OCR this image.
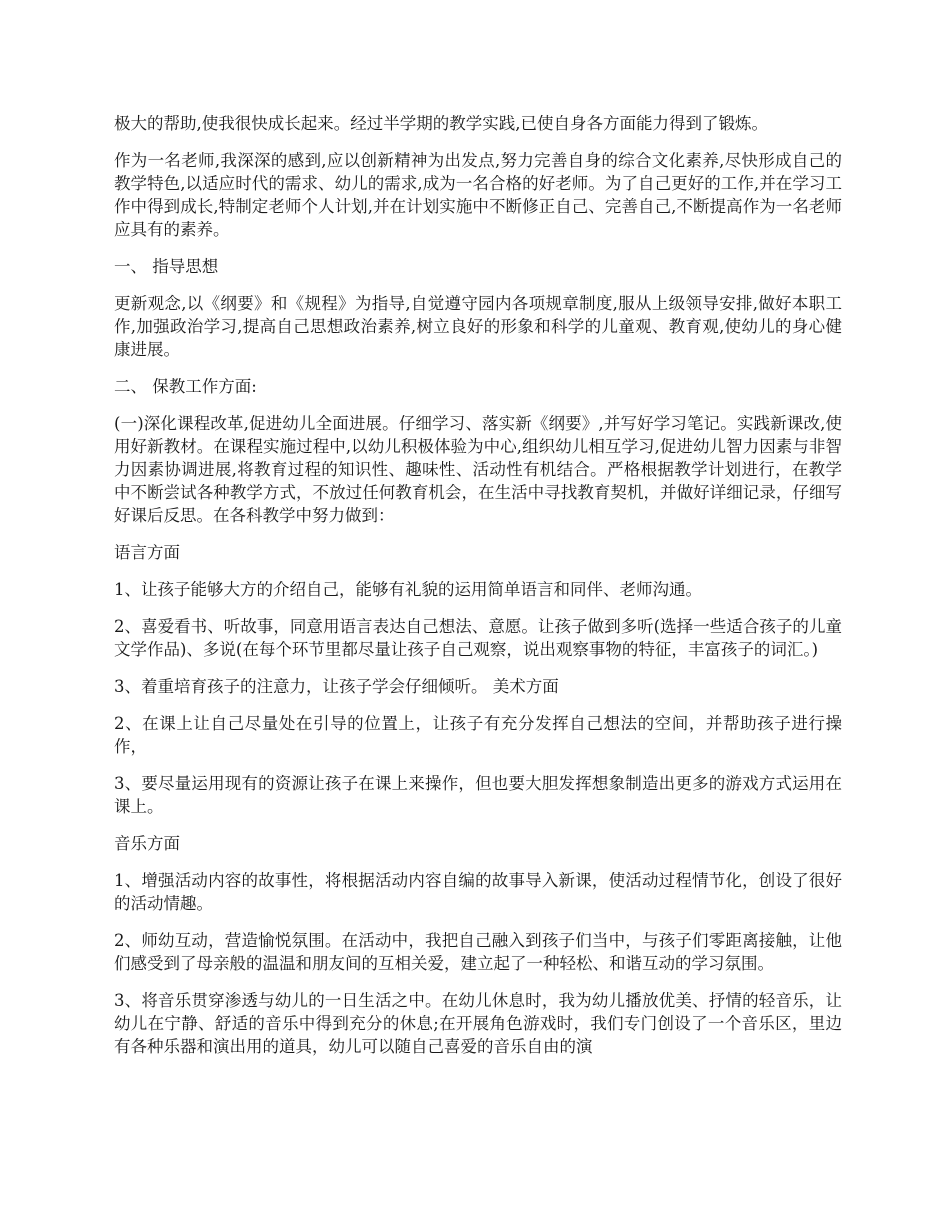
极大的帮助,使我很快成长起来。经过半学期的教学实践,已使自身各方面能力得到了锻炼。

作为一名老师,我深深的感到,应以创新精神为出发点,努力完善自身的综合文化素养,尽快形成自己的教学特色,以适应时代的需求、幼儿的需求,成为一名合格的好老师。为了自己更好的工作,并在学习工作中得到成长,特制定老师个人计划,并在计划实施中不断修正自己、完善自己,不断提高作为一名老师应具有的素养。

一、 指导思想

更新观念,以《纲要》和《规程》为指导,自觉遵守园内各项规章制度,服从上级领导安排,做好本职工作,加强政治学习,提高自己思想政治素养,树立良好的形象和科学的儿童观、教育观,使幼儿的身心健康进展。

二、 保教工作方面:

(一)深化课程改革,促进幼儿全面进展。仔细学习、落实新《纲要》,并写好学习笔记。实践新课改,使用好新教材。在课程实施过程中,以幼儿积极体验为中心,组织幼儿相互学习,促进幼儿智力因素与非智力因素协调进展,将教育过程的知识性、趣味性、活动性有机结合。严格根据教学计划进行，在教学中不断尝试各种教学方式，不放过任何教育机会，在生活中寻找教育契机，并做好详细记录，仔细写好课后反思。在各科教学中努力做到：

语言方面

1、让孩子能够大方的介绍自己，能够有礼貌的运用简单语言和同伴、老师沟通。

2、喜爱看书、听故事，同意用语言表达自己想法、意愿。让孩子做到多听(选择一些适合孩子的儿童文学作品)、多说(在每个环节里都尽量让孩子自己观察，说出观察事物的特征，丰富孩子的词汇。)

3、着重培育孩子的注意力，让孩子学会仔细倾听。 美术方面

2、在课上让自己尽量处在引导的位置上，让孩子有充分发挥自己想法的空间，并帮助孩子进行操作，

3、要尽量运用现有的资源让孩子在课上来操作，但也要大胆发挥想象制造出更多的游戏方式运用在课上。

音乐方面

1、增强活动内容的故事性，将根据活动内容自编的故事导入新课，使活动过程情节化，创设了很好的活动情趣。

2、师幼互动，营造愉悦氛围。在活动中，我把自己融入到孩子们当中，与孩子们零距离接触，让他们感受到了母亲般的温温和朋友间的互相关爱，建立起了一种轻松、和谐互动的学习氛围。

3、将音乐贯穿渗透与幼儿的一日生活之中。在幼儿休息时，我为幼儿播放优美、抒情的轻音乐，让幼儿在宁静、舒适的音乐中得到充分的休息;在开展角色游戏时，我们专门创设了一个音乐区，里边有各种乐器和演出用的道具，幼儿可以随自己喜爱的音乐自由的演
